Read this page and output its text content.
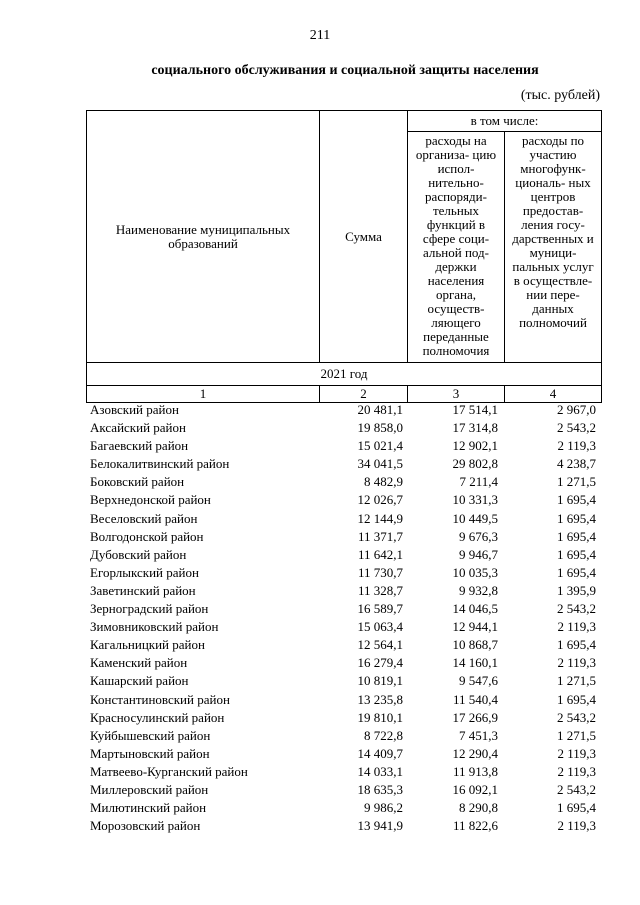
211
социального обслуживания и социальной защиты населения
(тыс. рублей)
Наименование муниципальных образований	Сумма	в том числе:	
		расходы на организа- цию испол- нительно- распоряди- тельных функций в сфере соци- альной под- держки населения органа, осуществ- ляющего переданные полномочия	расходы по участию многофунк- циональ- ных центров предостав- ления госу- дарственных и муници- пальных услуг в осуществле- нии пере- данных полномочий
2021 год			
1	2	3	4
Азовский район	20 481,1	17 514,1	2 967,0
Аксайский район	19 858,0	17 314,8	2 543,2
Багаевский район	15 021,4	12 902,1	2 119,3
Белокалитвинский район	34 041,5	29 802,8	4 238,7
Боковский район	8 482,9	7 211,4	1 271,5
Верхнедонской район	12 026,7	10 331,3	1 695,4
Веселовский район	12 144,9	10 449,5	1 695,4
Волгодонской район	11 371,7	9 676,3	1 695,4
Дубовский район	11 642,1	9 946,7	1 695,4
Егорлыкский район	11 730,7	10 035,3	1 695,4
Заветинский район	11 328,7	9 932,8	1 395,9
Зерноградский район	16 589,7	14 046,5	2 543,2
Зимовниковский район	15 063,4	12 944,1	2 119,3
Кагальницкий район	12 564,1	10 868,7	1 695,4
Каменский район	16 279,4	14 160,1	2 119,3
Кашарский район	10 819,1	9 547,6	1 271,5
Константиновский район	13 235,8	11 540,4	1 695,4
Красносулинский район	19 810,1	17 266,9	2 543,2
Куйбышевский район	8 722,8	7 451,3	1 271,5
Мартыновский район	14 409,7	12 290,4	2 119,3
Матвеево-Курганский район	14 033,1	11 913,8	2 119,3
Миллеровский район	18 635,3	16 092,1	2 543,2
Милютинский район	9 986,2	8 290,8	1 695,4
Морозовский район	13 941,9	11 822,6	2 119,3
